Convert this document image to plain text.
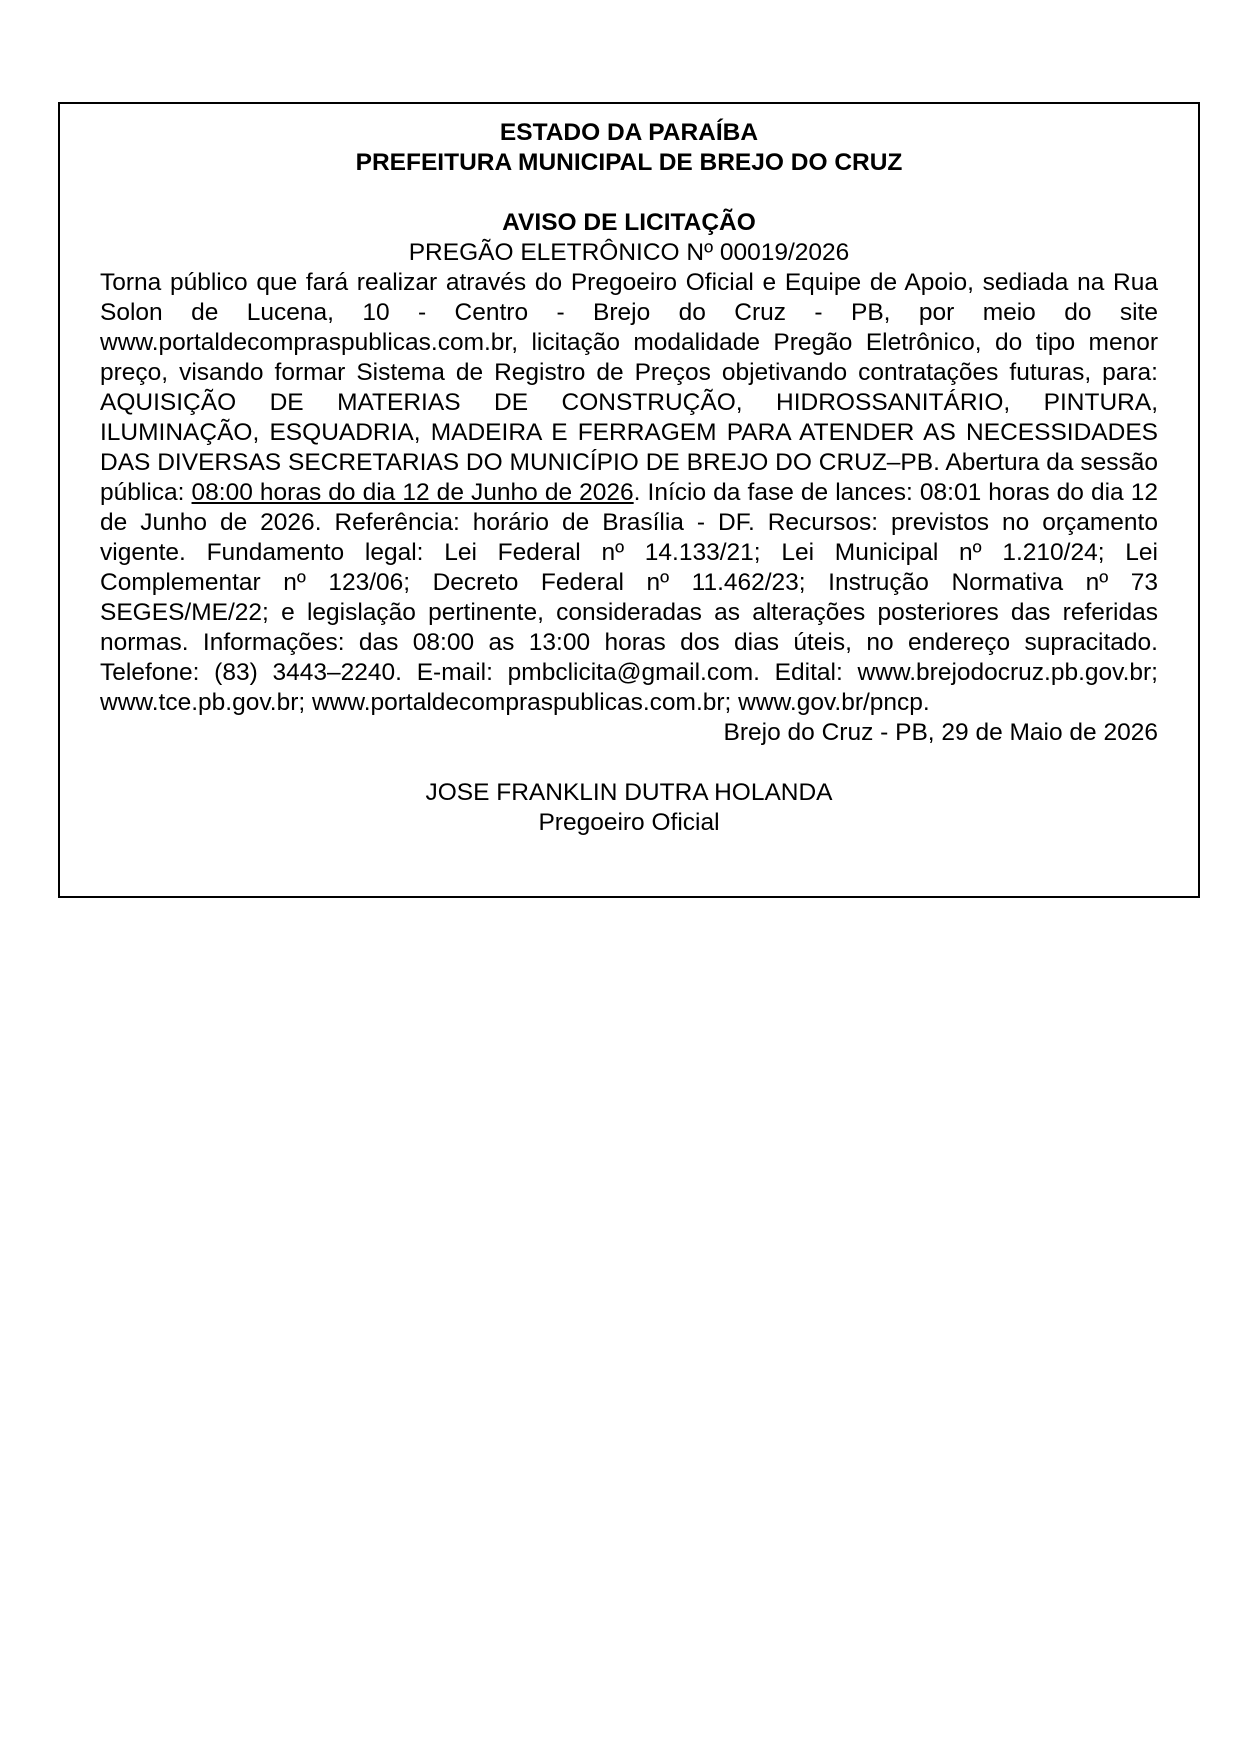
ESTADO DA PARAÍBA
PREFEITURA MUNICIPAL DE BREJO DO CRUZ
AVISO DE LICITAÇÃO
PREGÃO ELETRÔNICO Nº 00019/2026
Torna público que fará realizar através do Pregoeiro Oficial e Equipe de Apoio, sediada na Rua Solon de Lucena, 10 - Centro - Brejo do Cruz - PB, por meio do site www.portaldecompraspublicas.com.br, licitação modalidade Pregão Eletrônico, do tipo menor preço, visando formar Sistema de Registro de Preços objetivando contratações futuras, para: AQUISIÇÃO DE MATERIAS DE CONSTRUÇÃO, HIDROSSANITÁRIO, PINTURA, ILUMINAÇÃO, ESQUADRIA, MADEIRA E FERRAGEM PARA ATENDER AS NECESSIDADES DAS DIVERSAS SECRETARIAS DO MUNICÍPIO DE BREJO DO CRUZ–PB. Abertura da sessão pública: 08:00 horas do dia 12 de Junho de 2026. Início da fase de lances: 08:01 horas do dia 12 de Junho de 2026. Referência: horário de Brasília - DF. Recursos: previstos no orçamento vigente. Fundamento legal: Lei Federal nº 14.133/21; Lei Municipal nº 1.210/24; Lei Complementar nº 123/06; Decreto Federal nº 11.462/23; Instrução Normativa nº 73 SEGES/ME/22; e legislação pertinente, consideradas as alterações posteriores das referidas normas. Informações: das 08:00 as 13:00 horas dos dias úteis, no endereço supracitado. Telefone: (83) 3443–2240. E-mail: pmbclicita@gmail.com. Edital: www.brejodocruz.pb.gov.br; www.tce.pb.gov.br; www.portaldecompraspublicas.com.br; www.gov.br/pncp.
Brejo do Cruz - PB, 29 de Maio de 2026
JOSE FRANKLIN DUTRA HOLANDA
Pregoeiro Oficial
